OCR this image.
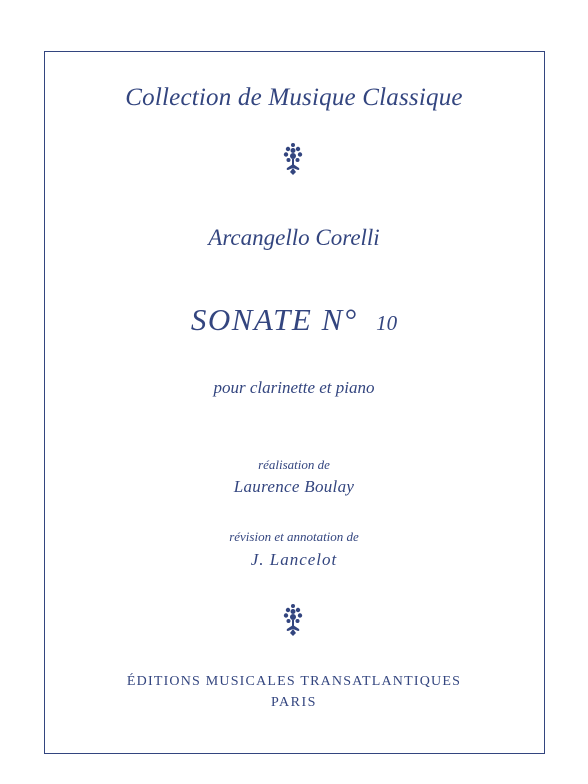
Collection de Musique Classique
Arcangello Corelli
SONATE N° 10
pour clarinette et piano
réalisation de
Laurence Boulay
révision et annotation de
J. Lancelot
ÉDITIONS MUSICALES TRANSATLANTIQUES
PARIS
